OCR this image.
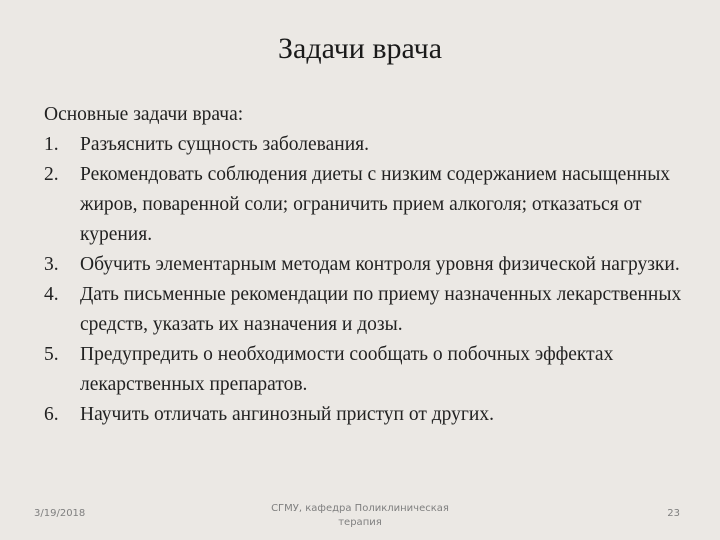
Задачи врача

Основные задачи врача:

1. Разъяснить сущность заболевания.
2. Рекомендовать соблюдения диеты с низким содержанием насыщенных жиров, поваренной соли; ограничить прием алкоголя; отказаться от курения.
3. Обучить элементарным методам контроля уровня физической нагрузки.
4. Дать письменные рекомендации по приему назначенных лекарственных средств, указать их назначения и дозы.
5. Предупредить о необходимости сообщать о побочных эффектах лекарственных препаратов.
6. Научить отличать ангинозный приступ от других.
3/19/2018	СГМУ, кафедра Поликлиническая
терапия
23
